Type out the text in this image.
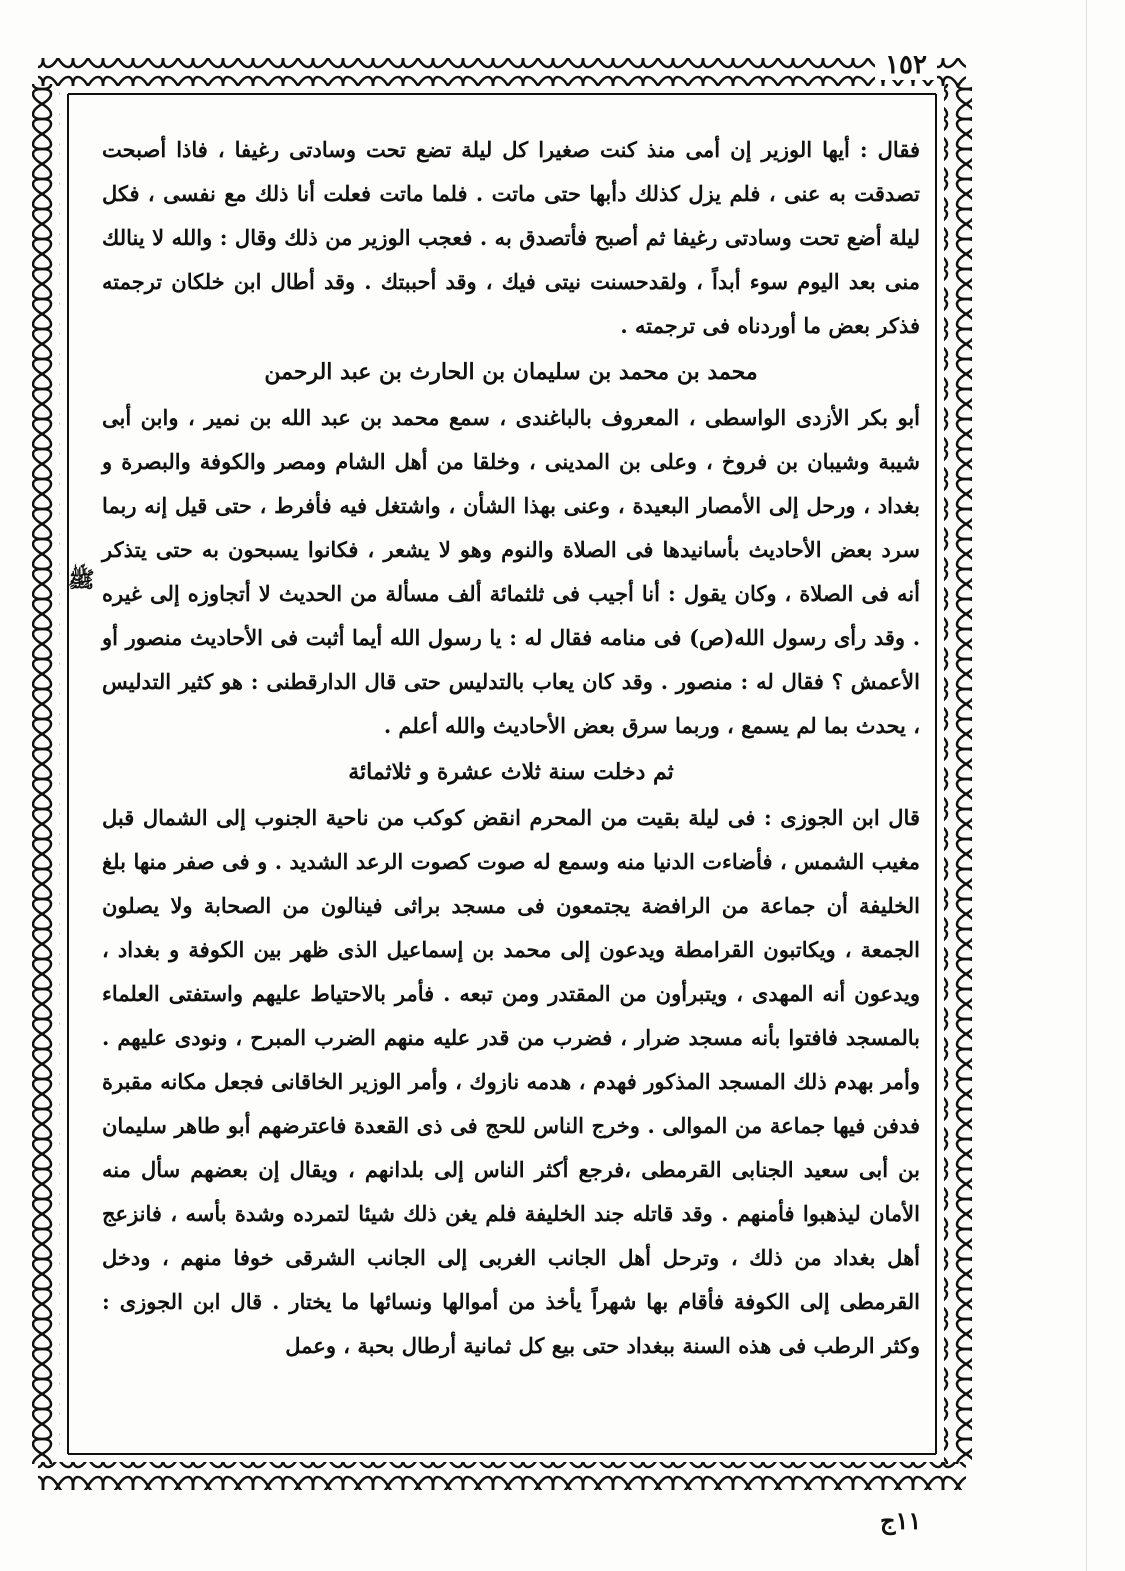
١٥٢
ﷺ

فقال : أيها الوزير إن أمى منذ كنت صغيرا كل ليلة تضع تحت وسادتى رغيفا ، فاذا أصبحت تصدقت به عنى ، فلم يزل كذلك دأبها حتى ماتت . فلما ماتت فعلت أنا ذلك مع نفسى ، فكل ليلة أضع تحت وسادتى رغيفا ثم أصبح فأتصدق به . فعجب الوزير من ذلك وقال : والله لا ينالك منى بعد اليوم سوء أبداً ، ولقدحسنت نيتى فيك ، وقد أحببتك . وقد أطال ابن خلكان ترجمته فذكر بعض ما أوردناه فى ترجمته .

محمد بن محمد بن سليمان بن الحارث بن عبد الرحمن

أبو بكر الأزدى الواسطى ، المعروف بالباغندى ، سمع محمد بن عبد الله بن نمير ، وابن أبى شيبة وشيبان بن فروخ ، وعلى بن المدينى ، وخلقا من أهل الشام ومصر والكوفة والبصرة و بغداد ، ورحل إلى الأمصار البعيدة ، وعنى بهذا الشأن ، واشتغل فيه فأفرط ، حتى قيل إنه ربما سرد بعض الأحاديث بأسانيدها فى الصلاة والنوم وهو لا يشعر ، فكانوا يسبحون به حتى يتذكر أنه فى الصلاة ، وكان يقول : أنا أجيب فى ثلثمائة ألف مسألة من الحديث لا أتجاوزه إلى غيره . وقد رأى رسول الله(ص) فى منامه فقال له : يا رسول الله أيما أثبت فى الأحاديث منصور أو الأعمش ؟ فقال له : منصور . وقد كان يعاب بالتدليس حتى قال الدارقطنى : هو كثير التدليس ، يحدث بما لم يسمع ، وربما سرق بعض الأحاديث والله أعلم .

ثم دخلت سنة ثلاث عشرة و ثلاثمائة

قال ابن الجوزى : فى ليلة بقيت من المحرم انقض كوكب من ناحية الجنوب إلى الشمال قبل مغيب الشمس ، فأضاءت الدنيا منه وسمع له صوت كصوت الرعد الشديد . و فى صفر منها بلغ الخليفة أن جماعة من الرافضة يجتمعون فى مسجد براثى فينالون من الصحابة ولا يصلون الجمعة ، ويكاتبون القرامطة ويدعون إلى محمد بن إسماعيل الذى ظهر بين الكوفة و بغداد ، ويدعون أنه المهدى ، ويتبرأون من المقتدر ومن تبعه . فأمر بالاحتياط عليهم واستفتى العلماء بالمسجد فافتوا بأنه مسجد ضرار ، فضرب من قدر عليه منهم الضرب المبرح ، ونودى عليهم . وأمر بهدم ذلك المسجد المذكور فهدم ، هدمه نازوك ، وأمر الوزير الخاقانى فجعل مكانه مقبرة فدفن فيها جماعة من الموالى . وخرج الناس للحج فى ذى القعدة فاعترضهم أبو طاهر سليمان بن أبى سعيد الجنابى القرمطى ،فرجع أكثر الناس إلى بلدانهم ، ويقال إن بعضهم سأل منه الأمان ليذهبوا فأمنهم . وقد قاتله جند الخليفة فلم يغن ذلك شيئا لتمرده وشدة بأسه ، فانزعج أهل بغداد من ذلك ، وترحل أهل الجانب الغربى إلى الجانب الشرقى خوفا منهم ، ودخل القرمطى إلى الكوفة فأقام بها شهراً يأخذ من أموالها ونسائها ما يختار . قال ابن الجوزى : وكثر الرطب فى هذه السنة ببغداد حتى بيع كل ثمانية أرطال بحبة ، وعمل

١١ج
